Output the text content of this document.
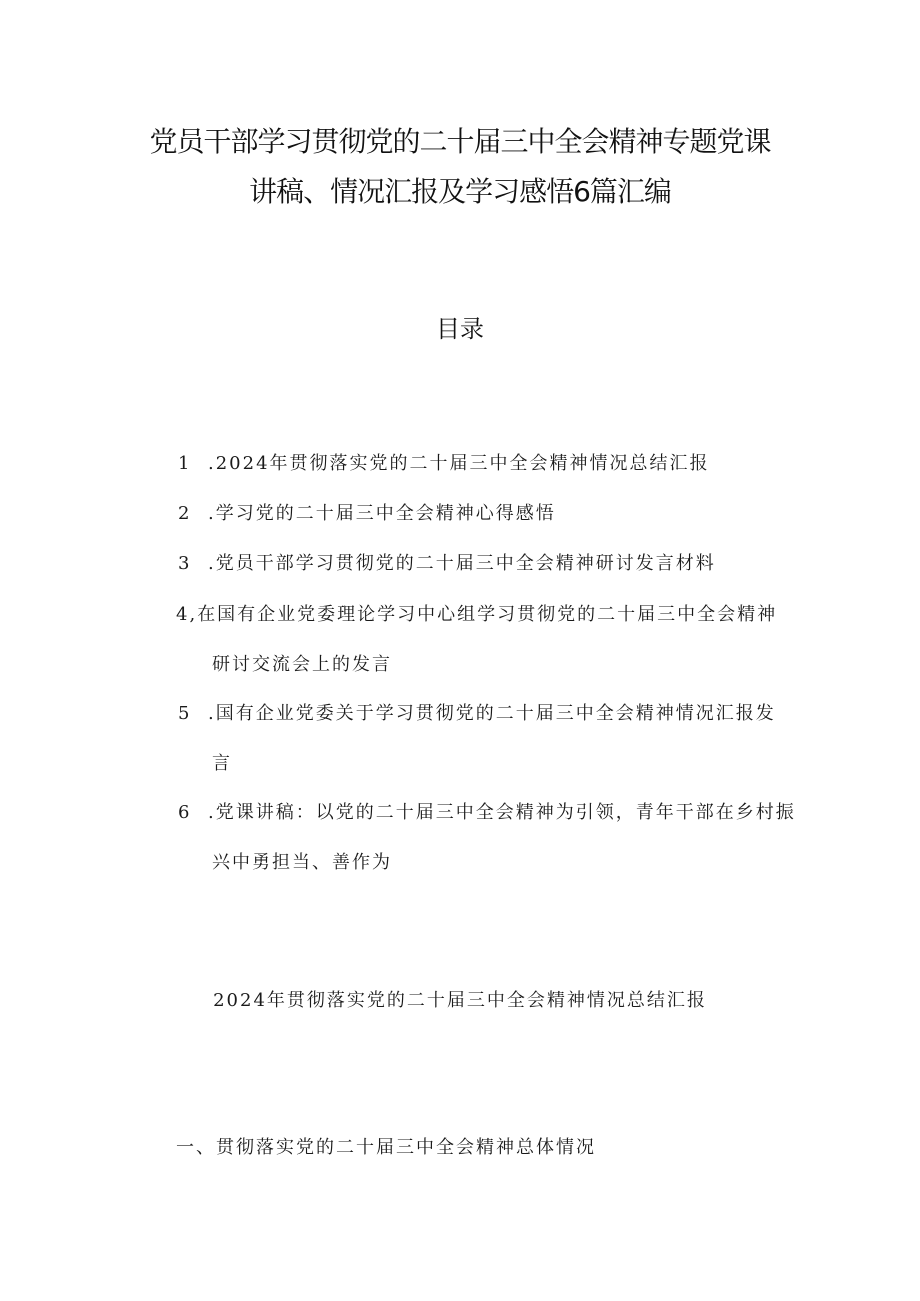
党员干部学习贯彻党的二十届三中全会精神专题党课
讲稿、情况汇报及学习感悟6篇汇编
目录
1 .2024年贯彻落实党的二十届三中全会精神情况总结汇报
2 .学习党的二十届三中全会精神心得感悟
3 .党员干部学习贯彻党的二十届三中全会精神研讨发言材料
4,在国有企业党委理论学习中心组学习贯彻党的二十届三中全会精神
研讨交流会上的发言
5 .国有企业党委关于学习贯彻党的二十届三中全会精神情况汇报发
言
6 .党课讲稿：以党的二十届三中全会精神为引领，青年干部在乡村振
兴中勇担当、善作为
2024年贯彻落实党的二十届三中全会精神情况总结汇报
一、贯彻落实党的二十届三中全会精神总体情况
